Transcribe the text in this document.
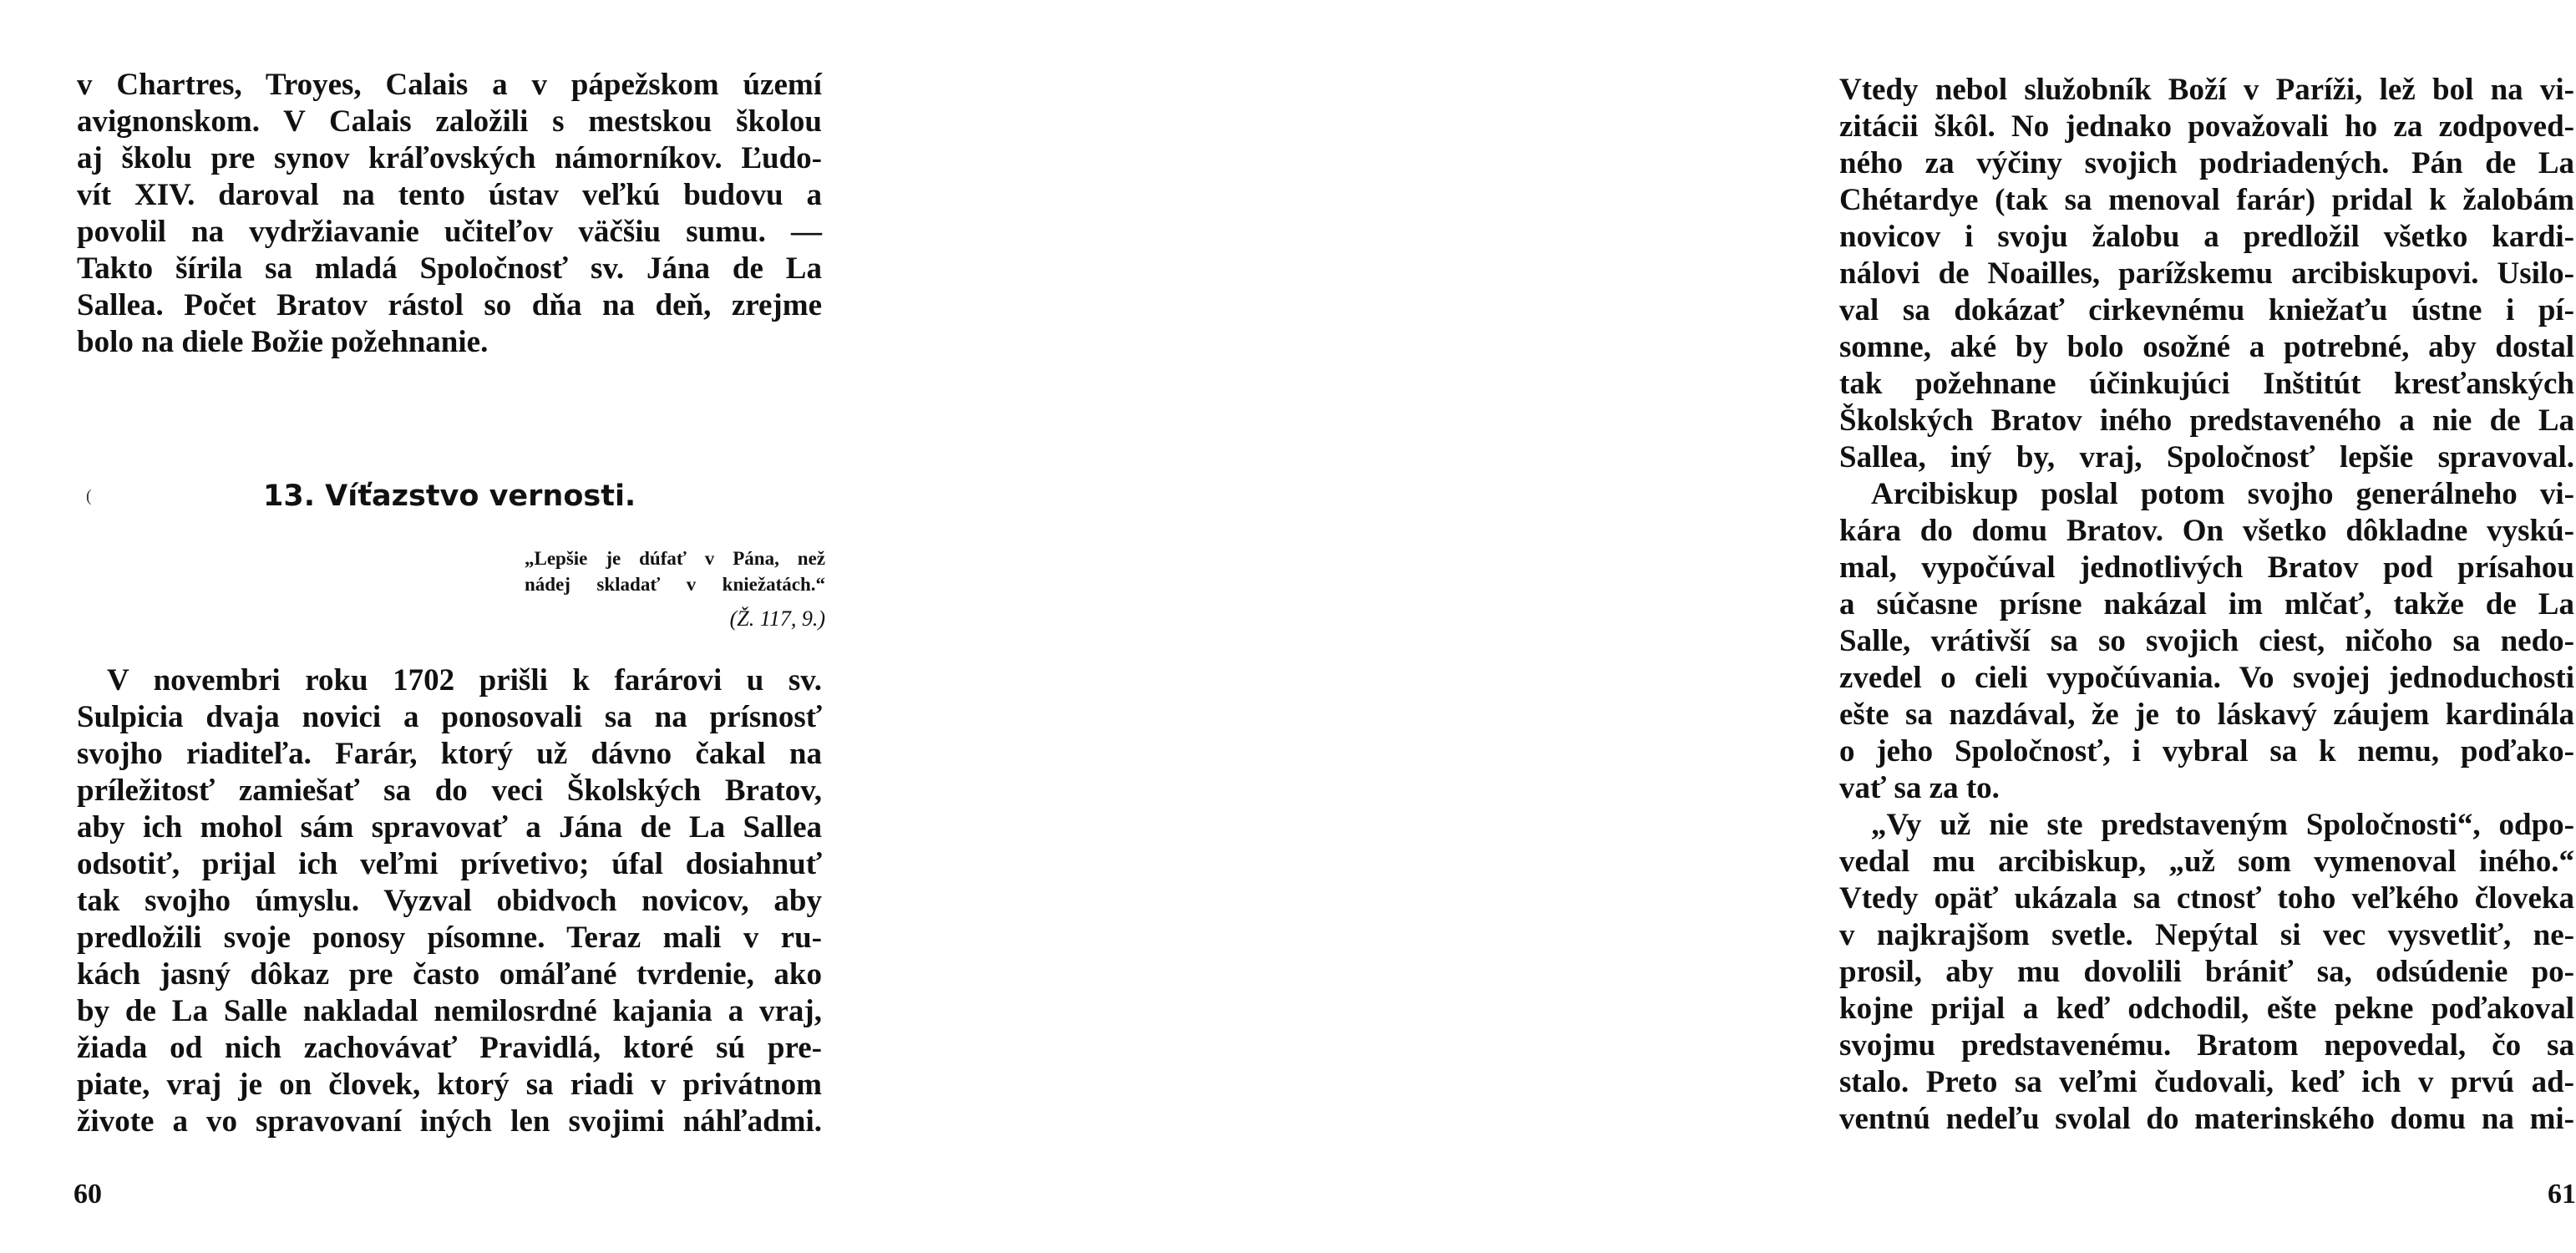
v Chartres, Troyes, Calais a v pápežskom území
avignonskom. V Calais založili s mestskou školou
aj školu pre synov kráľovských námorníkov. Ľudo-
vít XIV. daroval na tento ústav veľkú budovu a
povolil na vydržiavanie učiteľov väčšiu sumu. —
Takto šírila sa mladá Spoločnosť sv. Jána de La
Sallea. Počet Bratov rástol so dňa na deň, zrejme
bolo na diele Božie požehnanie.
(	13. Víťazstvo vernosti.
„Lepšie je dúfať v Pána, než
nádej skladať v kniežatách.“
(Ž. 117, 9.)
V novembri roku 1702 prišli k farárovi u sv.
Sulpicia dvaja novici a ponosovali sa na prísnosť
svojho riaditeľa. Farár, ktorý už dávno čakal na
príležitosť zamiešať sa do veci Školských Bratov,
aby ich mohol sám spravovať a Jána de La Sallea
odsotiť, prijal ich veľmi prívetivo; úfal dosiahnuť
tak svojho úmyslu. Vyzval obidvoch novicov, aby
predložili svoje ponosy písomne. Teraz mali v ru-
kách jasný dôkaz pre často omáľané tvrdenie, ako
by de La Salle nakladal nemilosrdné kajania a vraj,
žiada od nich zachovávať Pravidlá, ktoré sú pre-
piate, vraj je on človek, ktorý sa riadi v privátnom
živote a vo spravovaní iných len svojimi náhľadmi.
60
Vtedy nebol služobník Boží v Paríži, lež bol na vi-
zitácii škôl. No jednako považovali ho za zodpoved-
ného za výčiny svojich podriadených. Pán de La
Chétardye (tak sa menoval farár) pridal k žalobám
novicov i svoju žalobu a predložil všetko kardi-
nálovi de Noailles, parížskemu arcibiskupovi. Usilo-
val sa dokázať cirkevnému kniežaťu ústne i pí-
somne, aké by bolo osožné a potrebné, aby dostal
tak požehnane účinkujúci Inštitút kresťanských
Školských Bratov iného predstaveného a nie de La
Sallea, iný by, vraj, Spoločnosť lepšie spravoval.
Arcibiskup poslal potom svojho generálneho vi-
kára do domu Bratov. On všetko dôkladne vyskú-
mal, vypočúval jednotlivých Bratov pod prísahou
a súčasne prísne nakázal im mlčať, takže de La
Salle, vrátivší sa so svojich ciest, ničoho sa nedo-
zvedel o cieli vypočúvania. Vo svojej jednoduchosti
ešte sa nazdával, že je to láskavý záujem kardinála
o jeho Spoločnosť, i vybral sa k nemu, poďako-
vať sa za to.
„Vy už nie ste predstaveným Spoločnosti“, odpo-
vedal mu arcibiskup, „už som vymenoval iného.“
Vtedy opäť ukázala sa ctnosť toho veľkého človeka
v najkrajšom svetle. Nepýtal si vec vysvetliť, ne-
prosil, aby mu dovolili brániť sa, odsúdenie po-
kojne prijal a keď odchodil, ešte pekne poďakoval
svojmu predstavenému. Bratom nepovedal, čo sa
stalo. Preto sa veľmi čudovali, keď ich v prvú ad-
ventnú nedeľu svolal do materinského domu na mi-
61
